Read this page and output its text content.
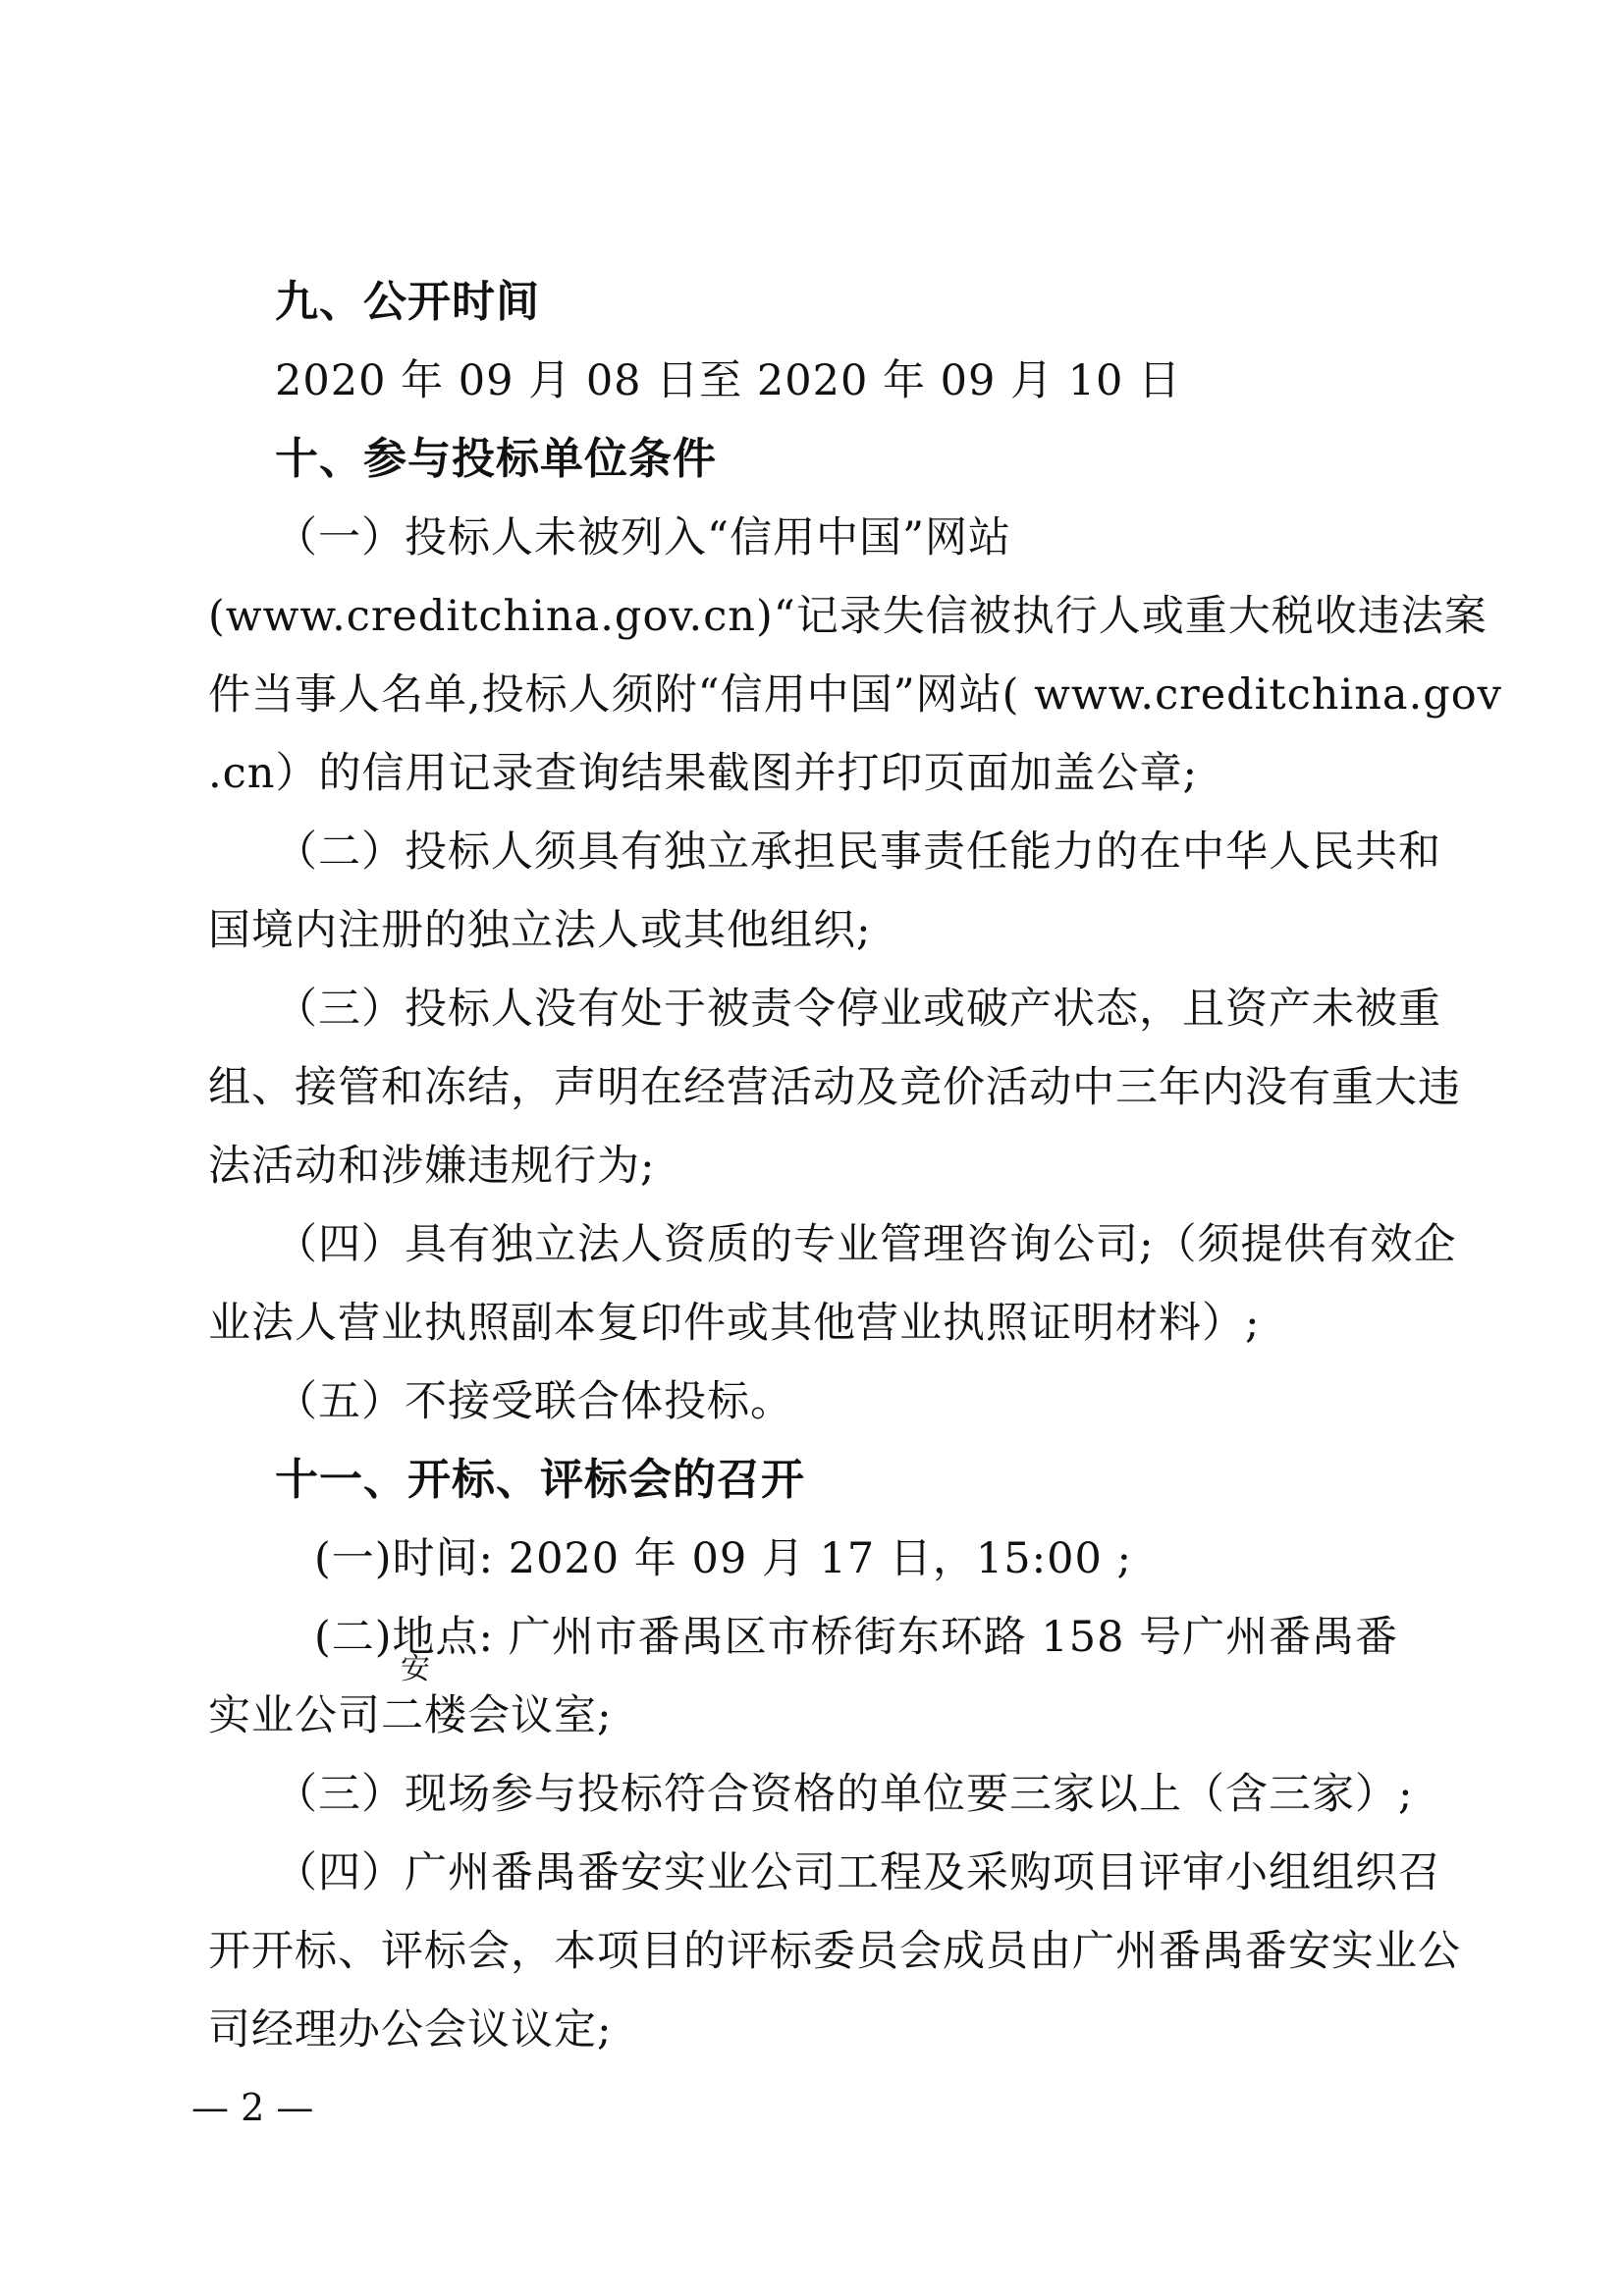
九、公开时间
2020 年 09 月 08 日至 2020 年 09 月 10 日
十、参与投标单位条件
（一）投标人未被列入“信用中国”网站
(www.creditchina.gov.cn)“记录失信被执行人或重大税收违法案
件当事人名单,投标人须附“信用中国”网站( www.creditchina.gov
.cn）的信用记录查询结果截图并打印页面加盖公章;
（二）投标人须具有独立承担民事责任能力的在中华人民共和
国境内注册的独立法人或其他组织;
（三）投标人没有处于被责令停业或破产状态，且资产未被重
组、接管和冻结，声明在经营活动及竞价活动中三年内没有重大违
法活动和涉嫌违规行为;
（四）具有独立法人资质的专业管理咨询公司;（须提供有效企
业法人营业执照副本复印件或其他营业执照证明材料）;
（五）不接受联合体投标。
十一、开标、评标会的召开
(一)时间: 2020 年 09 月 17 日，15:00 ;
(二)地点: 广州市番禺区市桥街东环路 158 号广州番禺番
安
实业公司二楼会议室;
（三）现场参与投标符合资格的单位要三家以上（含三家）;
（四）广州番禺番安实业公司工程及采购项目评审小组组织召
开开标、评标会，本项目的评标委员会成员由广州番禺番安实业公
司经理办公会议议定;
— 2 —
